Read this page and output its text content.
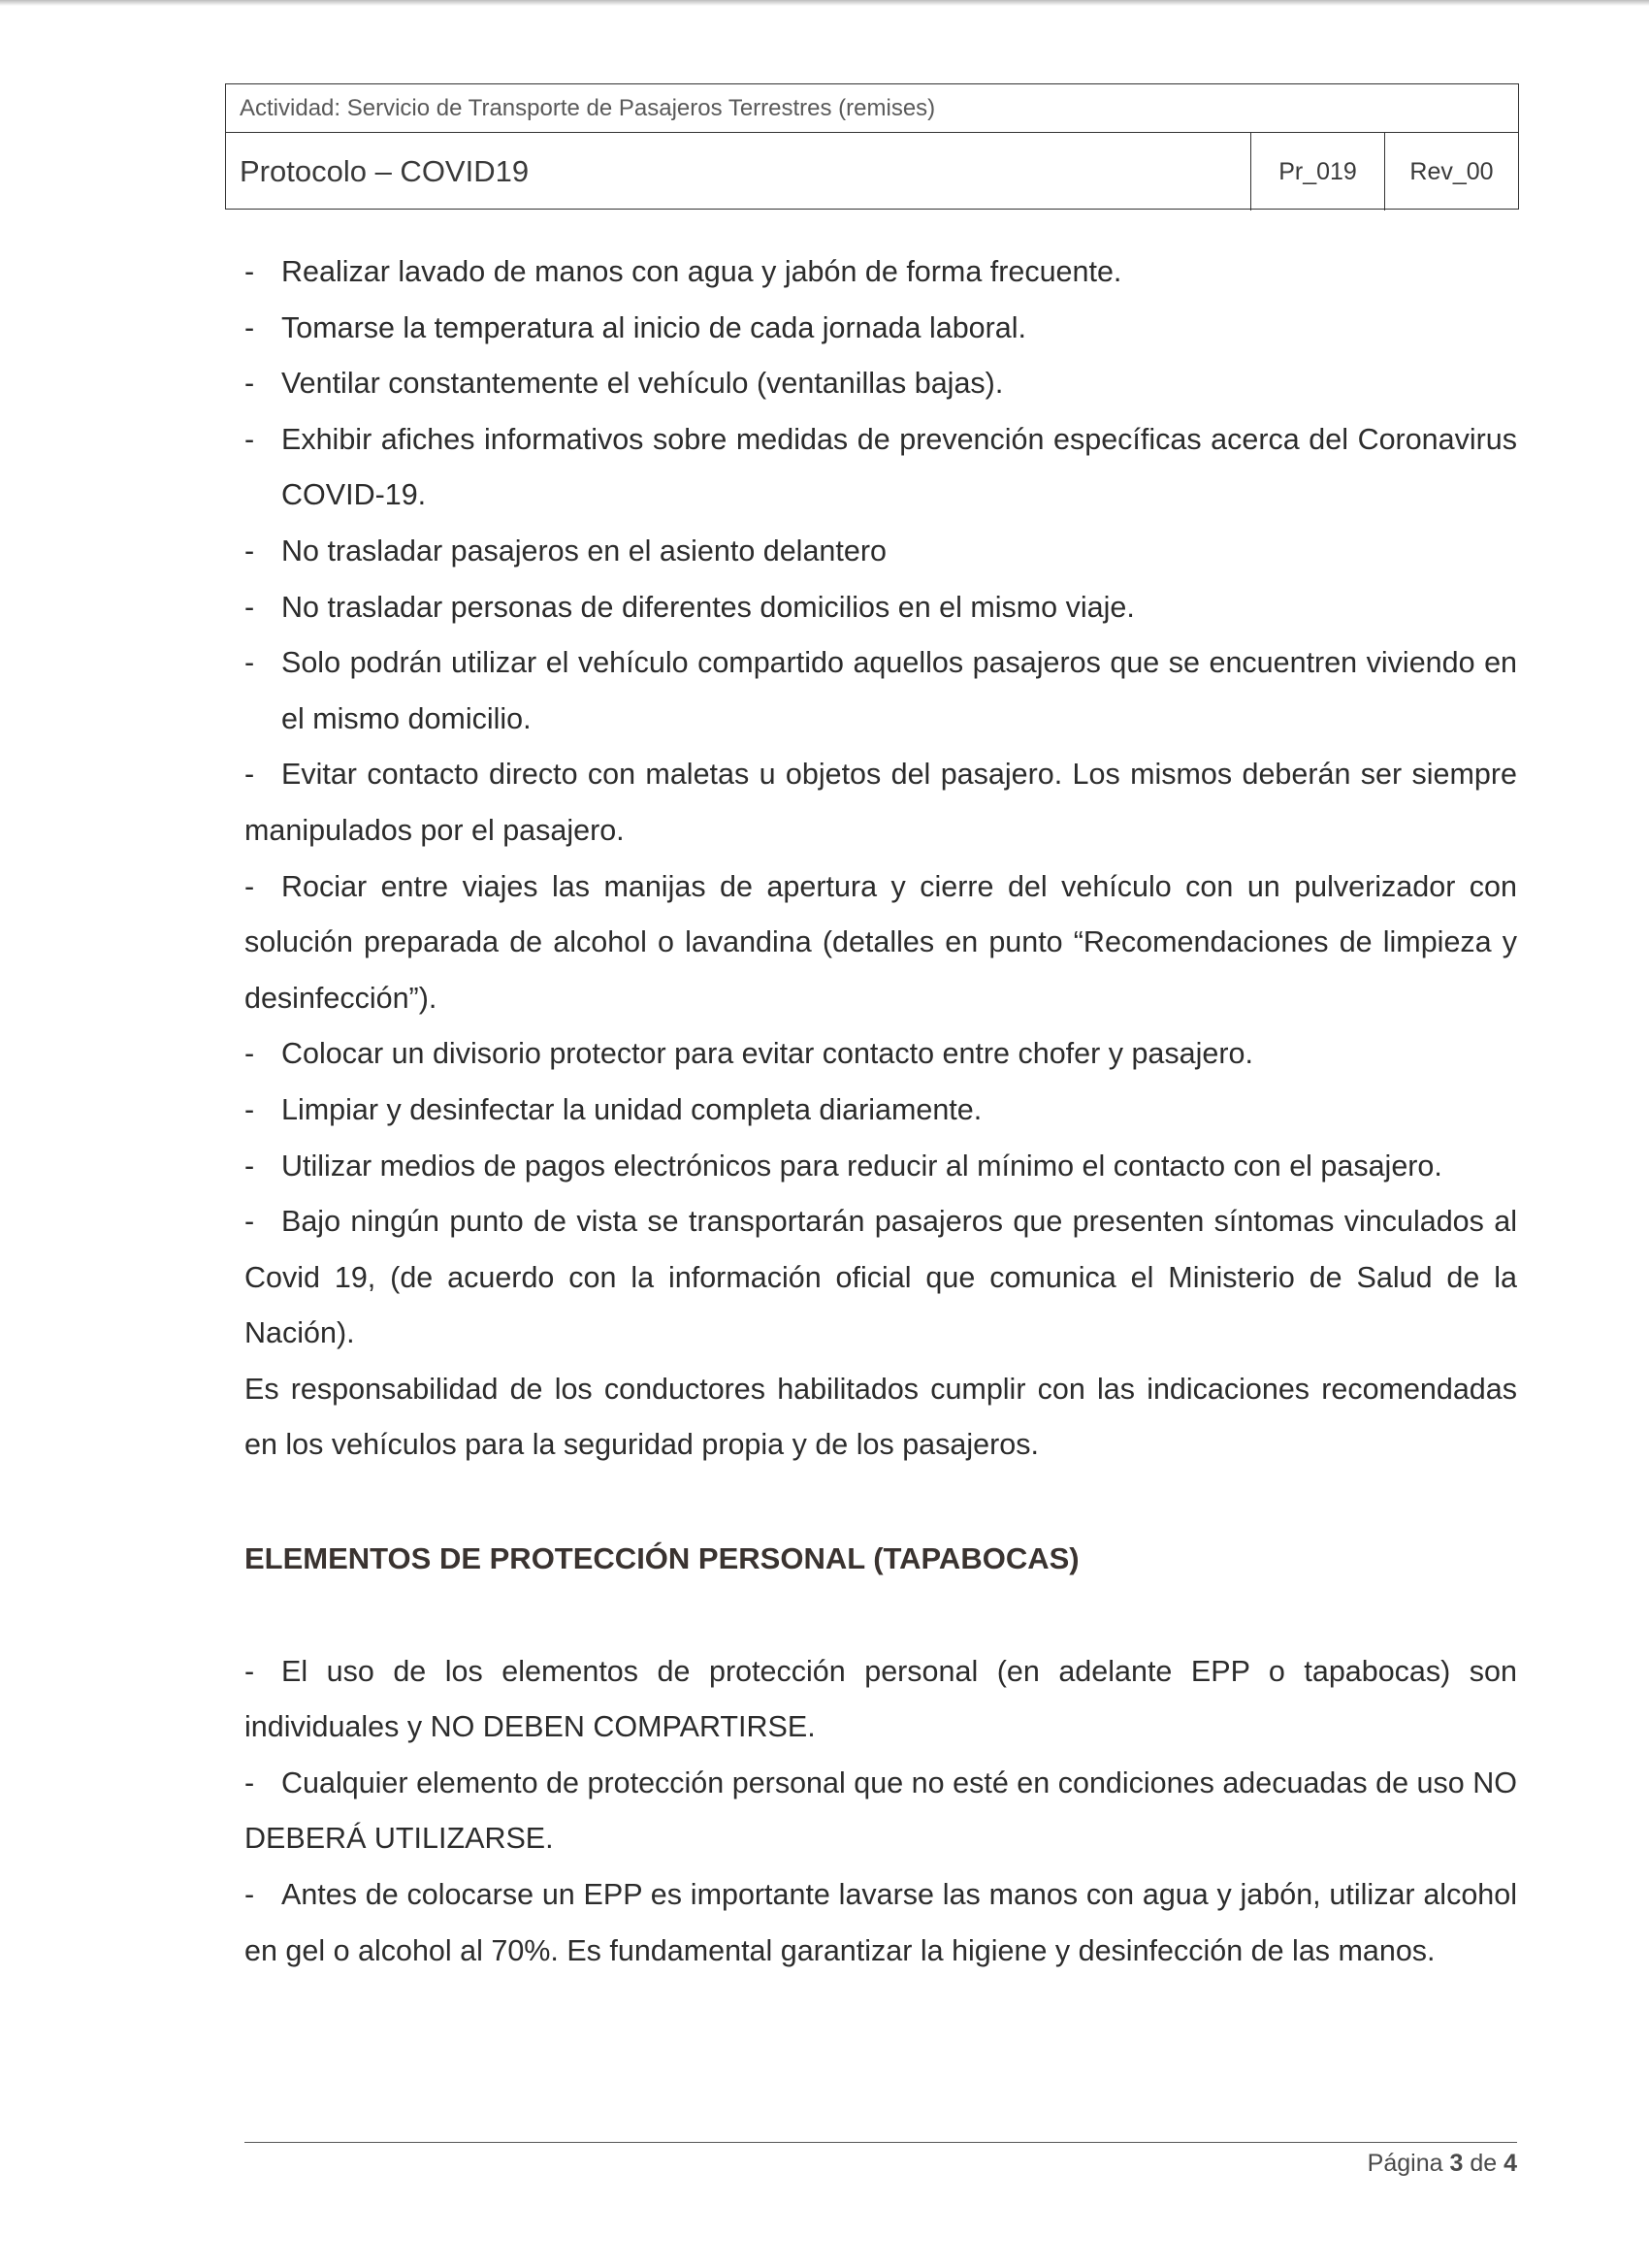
Actividad: Servicio de Transporte de Pasajeros Terrestres (remises)
Protocolo – COVID19	Pr_019	Rev_00

- Realizar lavado de manos con agua y jabón de forma frecuente.

- Tomarse la temperatura al inicio de cada jornada laboral.

- Ventilar constantemente el vehículo (ventanillas bajas).

- Exhibir afiches informativos sobre medidas de prevención específicas acerca del Coronavirus COVID-19.

- No trasladar pasajeros en el asiento delantero

- No trasladar personas de diferentes domicilios en el mismo viaje.

- Solo podrán utilizar el vehículo compartido aquellos pasajeros que se encuentren viviendo en el mismo domicilio.

- Evitar contacto directo con maletas u objetos del pasajero. Los mismos deberán ser siempre manipulados por el pasajero.

- Rociar entre viajes las manijas de apertura y cierre del vehículo con un pulverizador con solución preparada de alcohol o lavandina (detalles en punto “Recomendaciones de limpieza y desinfección”).

- Colocar un divisorio protector para evitar contacto entre chofer y pasajero.

- Limpiar y desinfectar la unidad completa diariamente.

- Utilizar medios de pagos electrónicos para reducir al mínimo el contacto con el pasajero.

- Bajo ningún punto de vista se transportarán pasajeros que presenten síntomas vinculados al Covid 19, (de acuerdo con la información oficial que comunica el Ministerio de Salud de la Nación).

Es responsabilidad de los conductores habilitados cumplir con las indicaciones recomendadas en los vehículos para la seguridad propia y de los pasajeros.

ELEMENTOS DE PROTECCIÓN PERSONAL (TAPABOCAS)

- El uso de los elementos de protección personal (en adelante EPP o tapabocas) son individuales y NO DEBEN COMPARTIRSE.

- Cualquier elemento de protección personal que no esté en condiciones adecuadas de uso NO DEBERÁ UTILIZARSE.

- Antes de colocarse un EPP es importante lavarse las manos con agua y jabón, utilizar alcohol en gel o alcohol al 70%. Es fundamental garantizar la higiene y desinfección de las manos.

Página 3 de 4
